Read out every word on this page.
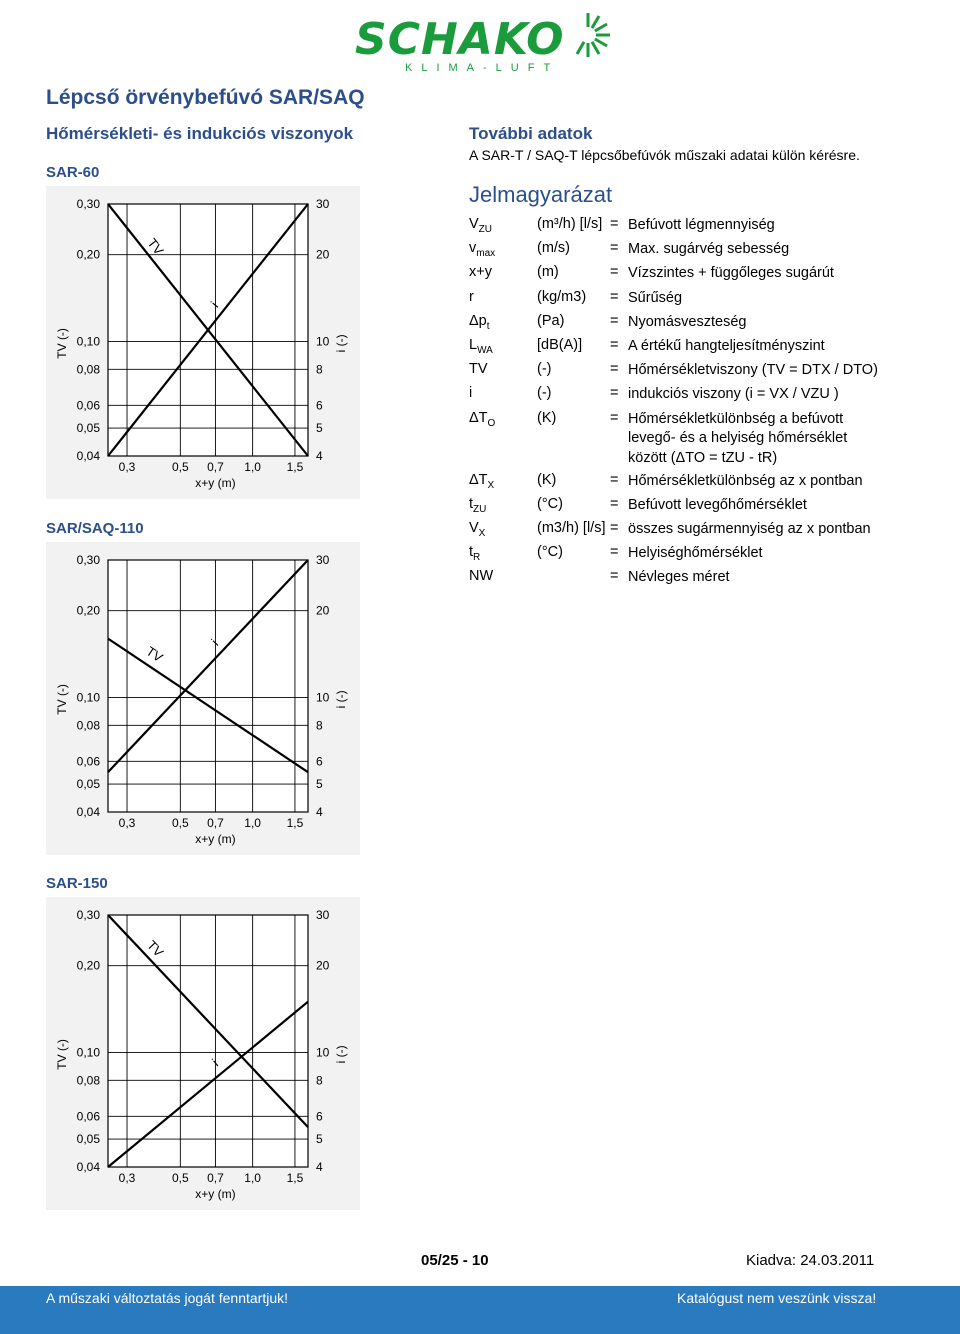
SCHAKO
KLIMA-LUFT
Lépcső örvénybefúvó SAR/SAQ
Hőmérsékleti- és indukciós viszonyok	További adatok
A SAR-T / SAQ-T lépcsőbefúvók műszaki adatai külön kérésre.
Jelmagyarázat
$V_{ZU}$	(m³/h) [l/s] = Befúvott légmennyiség
$v_{max}$	(m/s)	= Max. sugárvég sebesség
x+y	(m)	= Vízszintes + függőleges sugárút
r	(kg/m3) = Sűrűség
$\Delta p_t$	(Pa)	= Nyomásveszteség
$L_{WA}$	[dB(A)] = A értékű hangteljesítményszint
TV	(-)	= Hőmérsékletviszony (TV = DTX / DTO)
i	(-)	= indukciós viszony (i = VX / VZU )
$\Delta T_O$	(K)	= Hőmérsékletkülönbség a befúvott levegő- és a helyiség hőmérséklet között (ΔTO = tZU - tR)
$\Delta T_X$	(K)	= Hőmérsékletkülönbség az x pontban
$t_{ZU}$	(°C)	= Befúvott levegőhőmérséklet
$V_X$	(m3/h) [l/s] = összes sugármennyiség az x pontban
$t_R$	(°C)	= Helyiséghőmérséklet
NW	= Névleges méret
SAR-60
SAR/SAQ-110
SAR-150
0,30
0,20
0,10
0,08
0,06
0,05
0,04
30
20
10
8
6
5
4
0,3	0,5 0,7 1,0 1,5
x+y (m)
TV (-)	i (-)
TV
i
0,30
0,20
0,10
0,08
0,06
0,05
0,04
30
20
10
8
6
5
4
0,3	0,5 0,7 1,0 1,5
x+y (m)
TV (-)	i (-)
TV
i
0,30
0,20
0,10
0,08
0,06
0,05
0,04
30
20
10
8
6
5
4
0,3	0,5 0,7 1,0 1,5
x+y (m)
TV (-)	i (-)
TV
i
05/25 - 10	Kiadva: 24.03.2011
A műszaki változtatás jogát fenntartjuk!	Katalógust nem veszünk vissza!
